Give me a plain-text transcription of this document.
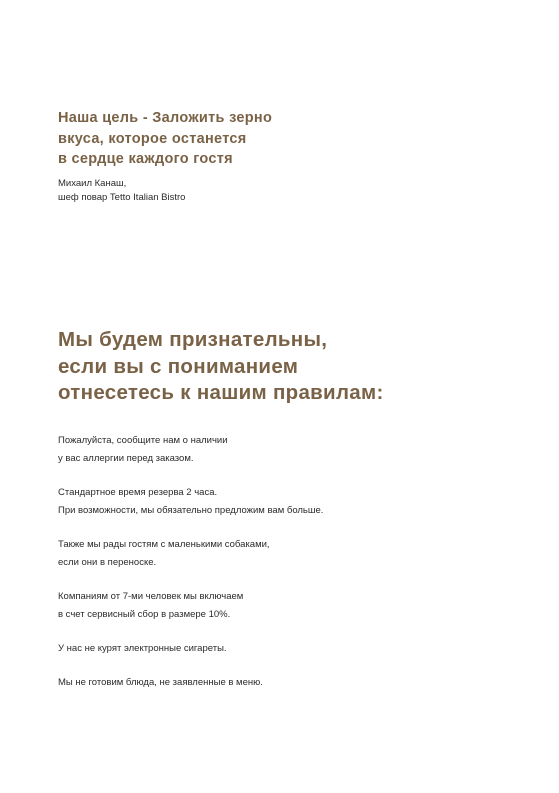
Наша цель - Заложить зерно
вкуса, которое останется
в сердце каждого гостя
Михаил Канаш,
шеф повар Tetto Italian Bistro
Мы будем признательны,
если вы с пониманием
отнесетесь к нашим правилам:
Пожалуйста, сообщите нам о наличии
у вас аллергии перед заказом.
Стандартное время резерва 2 часа.
При возможности, мы обязательно предложим вам больше.
Также мы рады гостям с маленькими собаками,
если они в переноске.
Компаниям от 7-ми человек мы включаем
в счет сервисный сбор в размере 10%.
У нас не курят электронные сигареты.
Мы не готовим блюда, не заявленные в меню.
